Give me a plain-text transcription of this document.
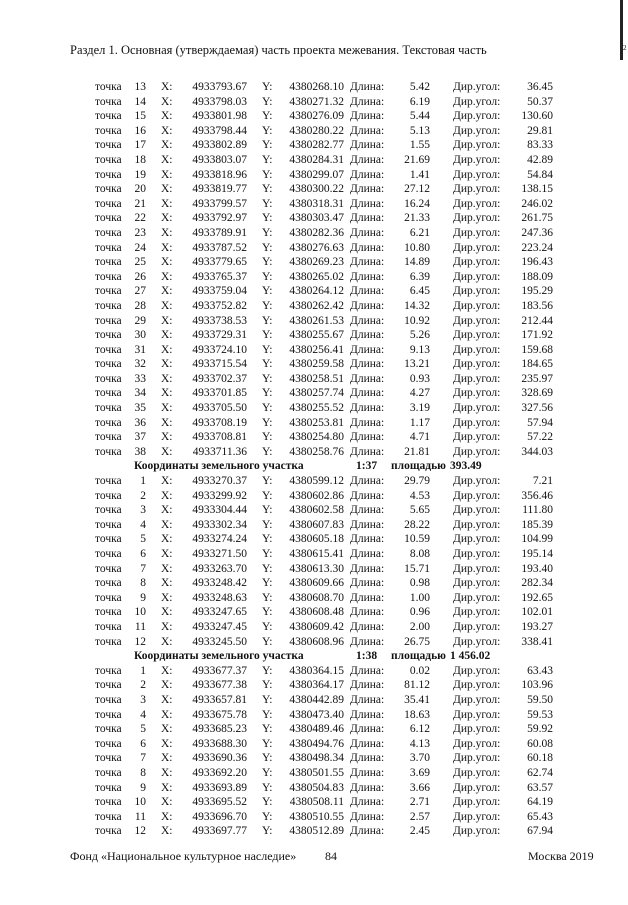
Раздел 1. Основная (утверждаемая) часть проекта межевания. Текстовая часть	2
точка	13 X:	4933793.67 Y:	4380268.10 Длина:	5.42 Дир.угол:	36.45
точка	14 X:	4933798.03 Y:	4380271.32 Длина:	6.19 Дир.угол:	50.37
точка	15 X:	4933801.98 Y:	4380276.09 Длина:	5.44 Дир.угол:	130.60
точка	16 X:	4933798.44 Y:	4380280.22 Длина:	5.13 Дир.угол:	29.81
точка	17 X:	4933802.89 Y:	4380282.77 Длина:	1.55 Дир.угол:	83.33
точка	18 X:	4933803.07 Y:	4380284.31 Длина:	21.69 Дир.угол:	42.89
точка	19 X:	4933818.96 Y:	4380299.07 Длина:	1.41 Дир.угол:	54.84
точка	20 X:	4933819.77 Y:	4380300.22 Длина:	27.12 Дир.угол:	138.15
точка	21 X:	4933799.57 Y:	4380318.31 Длина:	16.24 Дир.угол:	246.02
точка	22 X:	4933792.97 Y:	4380303.47 Длина:	21.33 Дир.угол:	261.75
точка	23 X:	4933789.91 Y:	4380282.36 Длина:	6.21 Дир.угол:	247.36
точка	24 X:	4933787.52 Y:	4380276.63 Длина:	10.80 Дир.угол:	223.24
точка	25 X:	4933779.65 Y:	4380269.23 Длина:	14.89 Дир.угол:	196.43
точка	26 X:	4933765.37 Y:	4380265.02 Длина:	6.39 Дир.угол:	188.09
точка	27 X:	4933759.04 Y:	4380264.12 Длина:	6.45 Дир.угол:	195.29
точка	28 X:	4933752.82 Y:	4380262.42 Длина:	14.32 Дир.угол:	183.56
точка	29 X:	4933738.53 Y:	4380261.53 Длина:	10.92 Дир.угол:	212.44
точка	30 X:	4933729.31 Y:	4380255.67 Длина:	5.26 Дир.угол:	171.92
точка	31 X:	4933724.10 Y:	4380256.41 Длина:	9.13 Дир.угол:	159.68
точка	32 X:	4933715.54 Y:	4380259.58 Длина:	13.21 Дир.угол:	184.65
точка	33 X:	4933702.37 Y:	4380258.51 Длина:	0.93 Дир.угол:	235.97
точка	34 X:	4933701.85 Y:	4380257.74 Длина:	4.27 Дир.угол:	328.69
точка	35 X:	4933705.50 Y:	4380255.52 Длина:	3.19 Дир.угол:	327.56
точка	36 X:	4933708.19 Y:	4380253.81 Длина:	1.17 Дир.угол:	57.94
точка	37 X:	4933708.81 Y:	4380254.80 Длина:	4.71 Дир.угол:	57.22
точка	38 X:	4933711.36 Y:	4380258.76 Длина:	21.81 Дир.угол:	344.03
Координаты земельного участка	1:37 площадью 393.49
точка	1 X:	4933270.37 Y:	4380599.12 Длина:	29.79 Дир.угол:	7.21
точка	2 X:	4933299.92 Y:	4380602.86 Длина:	4.53 Дир.угол:	356.46
точка	3 X:	4933304.44 Y:	4380602.58 Длина:	5.65 Дир.угол:	111.80
точка	4 X:	4933302.34 Y:	4380607.83 Длина:	28.22 Дир.угол:	185.39
точка	5 X:	4933274.24 Y:	4380605.18 Длина:	10.59 Дир.угол:	104.99
точка	6 X:	4933271.50 Y:	4380615.41 Длина:	8.08 Дир.угол:	195.14
точка	7 X:	4933263.70 Y:	4380613.30 Длина:	15.71 Дир.угол:	193.40
точка	8 X:	4933248.42 Y:	4380609.66 Длина:	0.98 Дир.угол:	282.34
точка	9 X:	4933248.63 Y:	4380608.70 Длина:	1.00 Дир.угол:	192.65
точка	10 X:	4933247.65 Y:	4380608.48 Длина:	0.96 Дир.угол:	102.01
точка	11 X:	4933247.45 Y:	4380609.42 Длина:	2.00 Дир.угол:	193.27
точка	12 X:	4933245.50 Y:	4380608.96 Длина:	26.75 Дир.угол:	338.41
Координаты земельного участка	1:38 площадью 1 456.02
точка	1 X:	4933677.37 Y:	4380364.15 Длина:	0.02 Дир.угол:	63.43
точка	2 X:	4933677.38 Y:	4380364.17 Длина:	81.12 Дир.угол:	103.96
точка	3 X:	4933657.81 Y:	4380442.89 Длина:	35.41 Дир.угол:	59.50
точка	4 X:	4933675.78 Y:	4380473.40 Длина:	18.63 Дир.угол:	59.53
точка	5 X:	4933685.23 Y:	4380489.46 Длина:	6.12 Дир.угол:	59.92
точка	6 X:	4933688.30 Y:	4380494.76 Длина:	4.13 Дир.угол:	60.08
точка	7 X:	4933690.36 Y:	4380498.34 Длина:	3.70 Дир.угол:	60.18
точка	8 X:	4933692.20 Y:	4380501.55 Длина:	3.69 Дир.угол:	62.74
точка	9 X:	4933693.89 Y:	4380504.83 Длина:	3.66 Дир.угол:	63.57
точка	10 X:	4933695.52 Y:	4380508.11 Длина:	2.71 Дир.угол:	64.19
точка	11 X:	4933696.70 Y:	4380510.55 Длина:	2.57 Дир.угол:	65.43
точка	12 X:	4933697.77 Y:	4380512.89 Длина:	2.45 Дир.угол:	67.94
Фонд «Национальное культурное наследие» 84	Москва 2019
